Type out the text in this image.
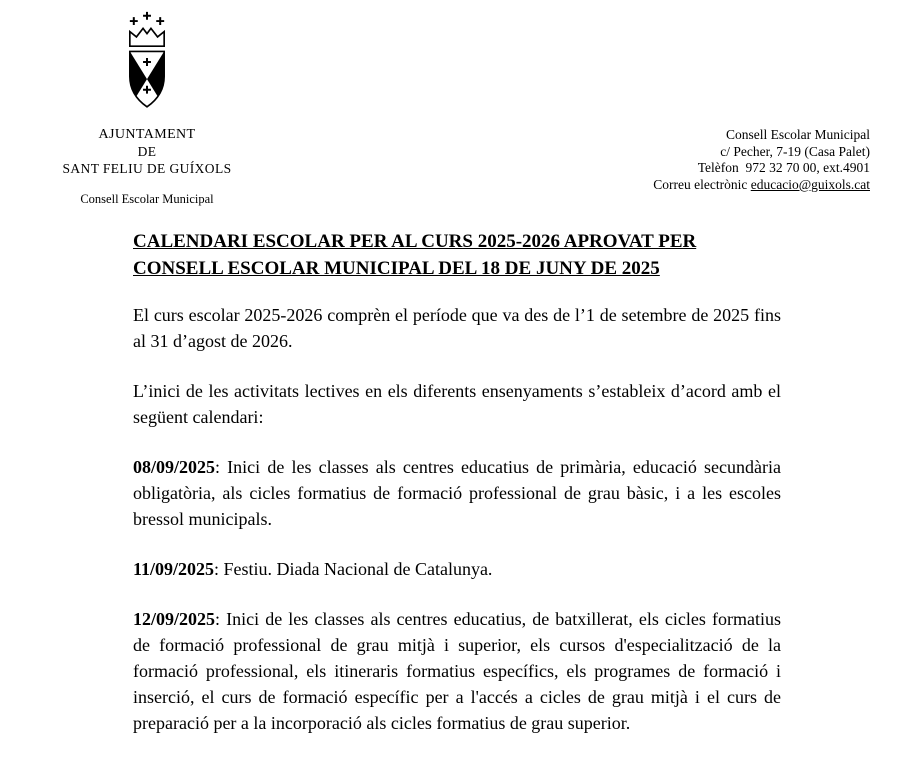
AJUNTAMENT
DE
SANT FELIU DE GUÍXOLS
Consell Escolar Municipal
Consell Escolar Municipal
c/ Pecher, 7-19 (Casa Palet)
Telèfon  972 32 70 00, ext.4901
Correu electrònic educacio@guixols.cat
CALENDARI ESCOLAR PER AL CURS 2025-2026 APROVAT PER
CONSELL ESCOLAR MUNICIPAL DEL 18 DE JUNY DE 2025

El curs escolar 2025-2026 comprèn el període que va des de l’1 de setembre de 2025 fins al 31 d’agost de 2026.

L’inici de les activitats lectives en els diferents ensenyaments s’estableix d’acord amb el següent calendari:

08/09/2025: Inici de les classes als centres educatius de primària, educació secundària obligatòria, als cicles formatius de formació professional de grau bàsic, i a les escoles bressol municipals.

11/09/2025: Festiu. Diada Nacional de Catalunya.

12/09/2025: Inici de les classes als centres educatius, de batxillerat, els cicles formatius de formació professional de grau mitjà i superior, els cursos d'especialització de la formació professional, els itineraris formatius específics, els programes de formació i inserció, el curs de formació específic per a l'accés a cicles de grau mitjà i el curs de preparació per a la incorporació als cicles formatius de grau superior.
